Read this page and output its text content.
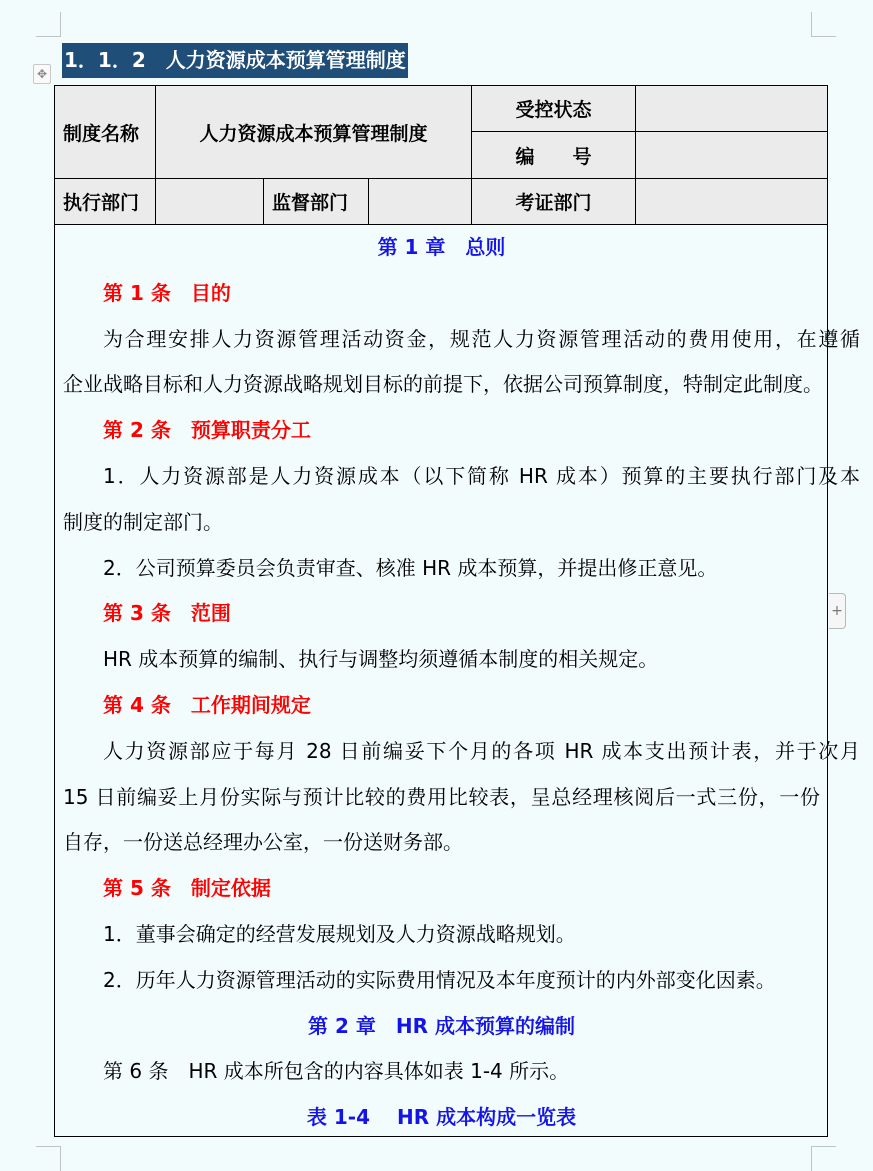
1．1．2　人力资源成本预算管理制度
✥
+
制度名称	人力资源成本预算管理制度			受控状态	
				编　　号	
执行部门		监督部门		考证部门	
第 1 章　总则
第 1 条　目的
为合理安排人力资源管理活动资金，规范人力资源管理活动的费用使用，在遵循
企业战略目标和人力资源战略规划目标的前提下，依据公司预算制度，特制定此制度。
第 2 条　预算职责分工
1．人力资源部是人力资源成本（以下简称 HR 成本）预算的主要执行部门及本
制度的制定部门。
2．公司预算委员会负责审查、核准 HR 成本预算，并提出修正意见。
第 3 条　范围
HR 成本预算的编制、执行与调整均须遵循本制度的相关规定。
第 4 条　工作期间规定
人力资源部应于每月 28 日前编妥下个月的各项 HR 成本支出预计表，并于次月
15 日前编妥上月份实际与预计比较的费用比较表，呈总经理核阅后一式三份，一份
自存，一份送总经理办公室，一份送财务部。
第 5 条　制定依据
1．董事会确定的经营发展规划及人力资源战略规划。
2．历年人力资源管理活动的实际费用情况及本年度预计的内外部变化因素。
第 2 章　HR 成本预算的编制
第 6 条　HR 成本所包含的内容具体如表 1-4 所示。
表 1-4　 HR 成本构成一览表
